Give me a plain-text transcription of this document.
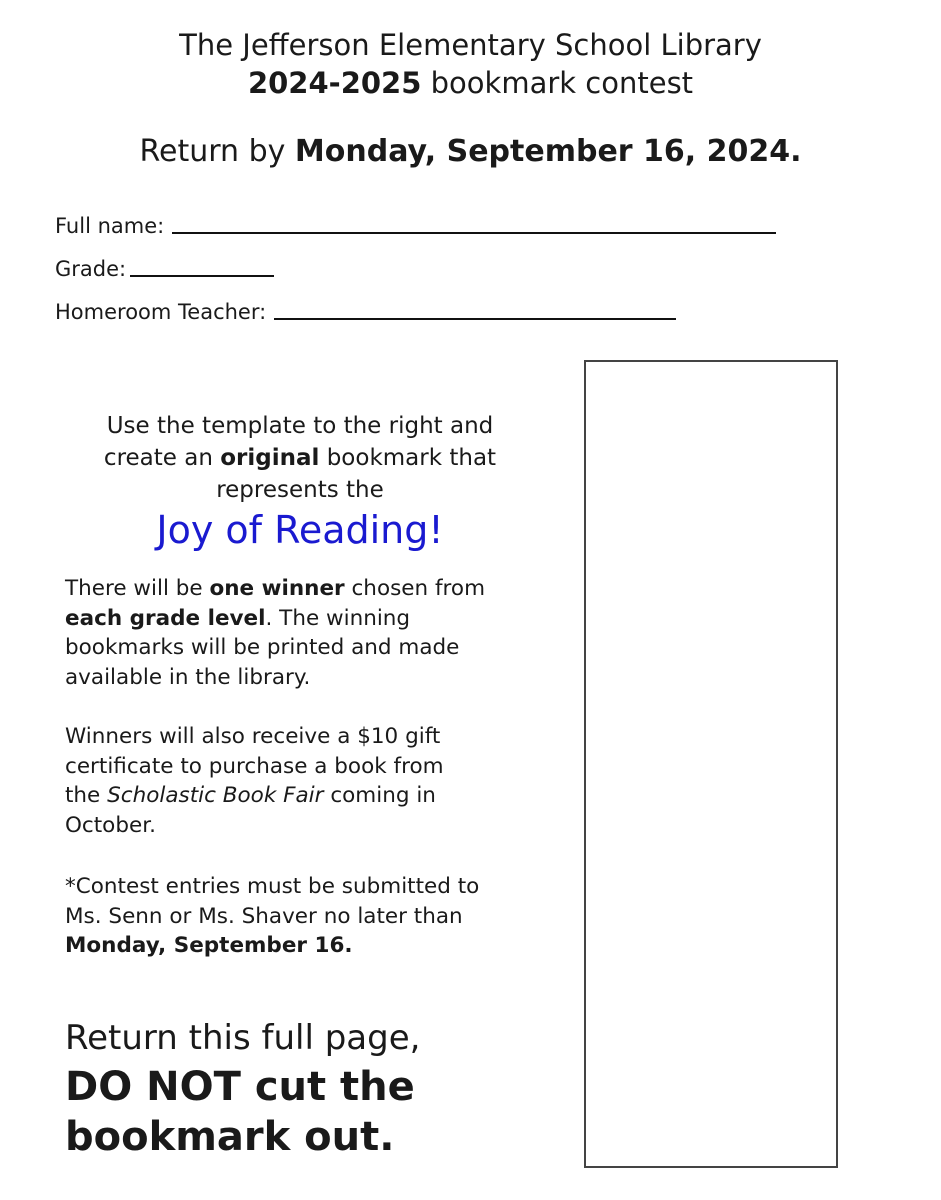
The Jefferson Elementary School Library
2024-2025 bookmark contest
Return by Monday, September 16, 2024.
Full name:
Grade:
Homeroom Teacher:
Use the template to the right and
create an original bookmark that
represents the
Joy of Reading!
There will be one winner chosen from
each grade level. The winning
bookmarks will be printed and made
available in the library.
Winners will also receive a $10 gift
certificate to purchase a book from
the Scholastic Book Fair coming in
October.
*Contest entries must be submitted to
Ms. Senn or Ms. Shaver no later than
Monday, September 16.
Return this full page,
DO NOT cut the
bookmark out.
